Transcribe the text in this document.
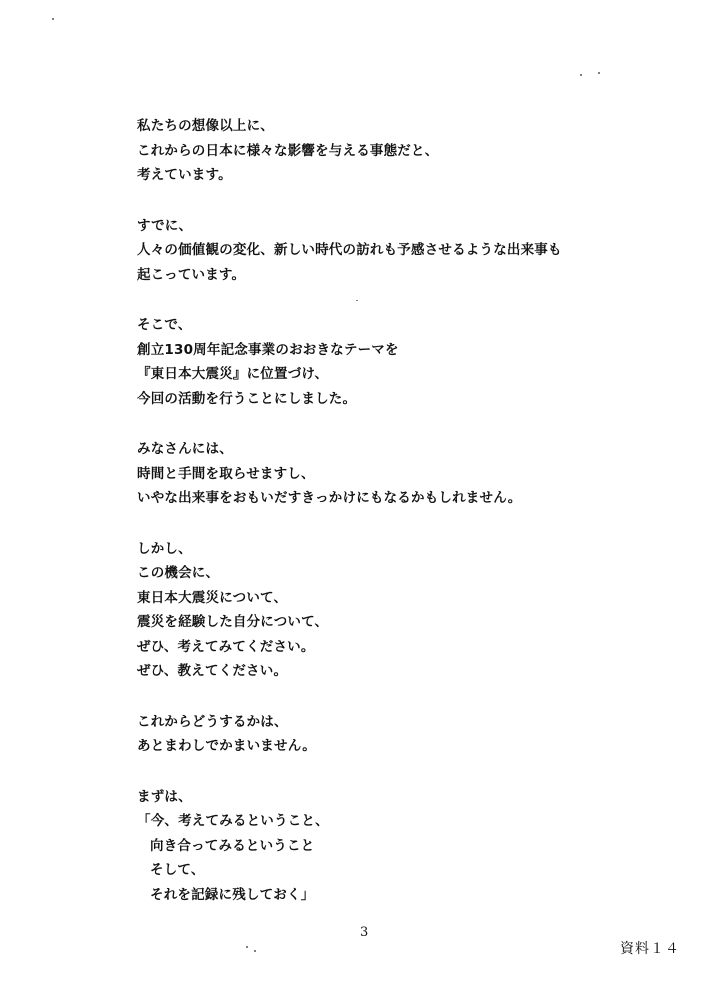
私たちの想像以上に、
これからの日本に様々な影響を与える事態だと、
考えています。
すでに、
人々の価値観の変化、新しい時代の訪れも予感させるような出来事も
起こっています。
そこで、
創立130周年記念事業のおおきなテーマを
『東日本大震災』に位置づけ、
今回の活動を行うことにしました。
みなさんには、
時間と手間を取らせますし、
いやな出来事をおもいだすきっかけにもなるかもしれません。
しかし、
この機会に、
東日本大震災について、
震災を経験した自分について、
ぜひ、考えてみてください。
ぜひ、教えてください。
これからどうするかは、
あとまわしでかまいません。
まずは、
「今、考えてみるということ、
向き合ってみるということ
そして、
それを記録に残しておく」
3
資料１４
